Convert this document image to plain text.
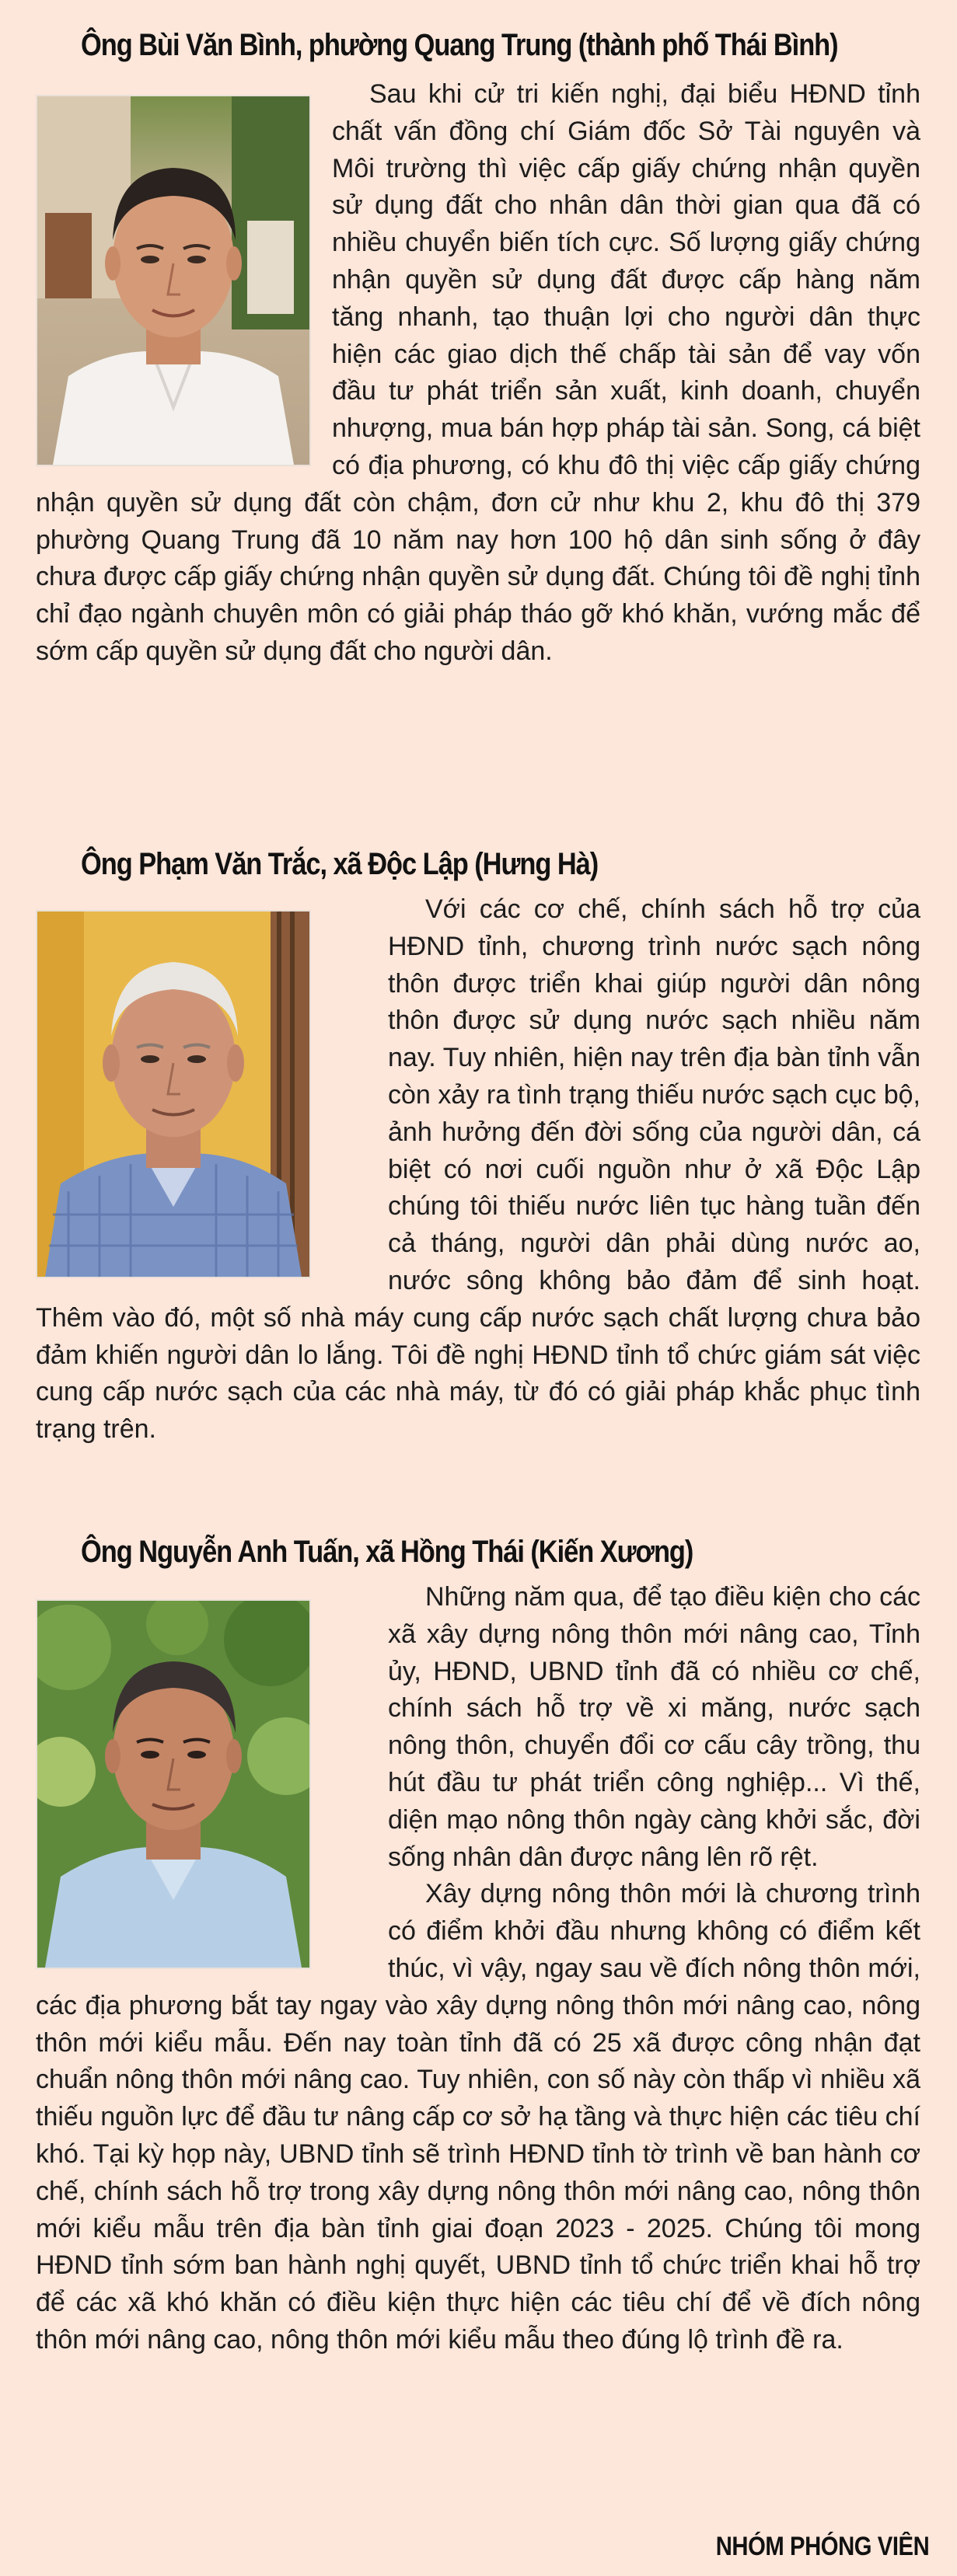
Ông Bùi Văn Bình, phường Quang Trung (thành phố Thái Bình)

Sau khi cử tri kiến nghị, đại biểu HĐND tỉnh chất vấn đồng chí Giám đốc Sở Tài nguyên và Môi trường thì việc cấp giấy chứng nhận quyền sử dụng đất cho nhân dân thời gian qua đã có nhiều chuyển biến tích cực. Số lượng giấy chứng nhận quyền sử dụng đất được cấp hàng năm tăng nhanh, tạo thuận lợi cho người dân thực hiện các giao dịch thế chấp tài sản để vay vốn đầu tư phát triển sản xuất, kinh doanh, chuyển nhượng, mua bán hợp pháp tài sản. Song, cá biệt có địa phương, có khu đô thị việc cấp giấy chứng nhận quyền sử dụng đất còn chậm, đơn cử như khu 2, khu đô thị 379 phường Quang Trung đã 10 năm nay hơn 100 hộ dân sinh sống ở đây chưa được cấp giấy chứng nhận quyền sử dụng đất. Chúng tôi đề nghị tỉnh chỉ đạo ngành chuyên môn có giải pháp tháo gỡ khó khăn, vướng mắc để sớm cấp quyền sử dụng đất cho người dân.

Ông Phạm Văn Trắc, xã Độc Lập (Hưng Hà)

Với các cơ chế, chính sách hỗ trợ của HĐND tỉnh, chương trình nước sạch nông thôn được triển khai giúp người dân nông thôn được sử dụng nước sạch nhiều năm nay. Tuy nhiên, hiện nay trên địa bàn tỉnh vẫn còn xảy ra tình trạng thiếu nước sạch cục bộ, ảnh hưởng đến đời sống của người dân, cá biệt có nơi cuối nguồn như ở xã Độc Lập chúng tôi thiếu nước liên tục hàng tuần đến cả tháng, người dân phải dùng nước ao, nước sông không bảo đảm để sinh hoạt. Thêm vào đó, một số nhà máy cung cấp nước sạch chất lượng chưa bảo đảm khiến người dân lo lắng. Tôi đề nghị HĐND tỉnh tổ chức giám sát việc cung cấp nước sạch của các nhà máy, từ đó có giải pháp khắc phục tình trạng trên.

Ông Nguyễn Anh Tuấn, xã Hồng Thái (Kiến Xương)

Những năm qua, để tạo điều kiện cho các xã xây dựng nông thôn mới nâng cao, Tỉnh ủy, HĐND, UBND tỉnh đã có nhiều cơ chế, chính sách hỗ trợ về xi măng, nước sạch nông thôn, chuyển đổi cơ cấu cây trồng, thu hút đầu tư phát triển công nghiệp... Vì thế, diện mạo nông thôn ngày càng khởi sắc, đời sống nhân dân được nâng lên rõ rệt.

Xây dựng nông thôn mới là chương trình có điểm khởi đầu nhưng không có điểm kết thúc, vì vậy, ngay sau về đích nông thôn mới, các địa phương bắt tay ngay vào xây dựng nông thôn mới nâng cao, nông thôn mới kiểu mẫu. Đến nay toàn tỉnh đã có 25 xã được công nhận đạt chuẩn nông thôn mới nâng cao. Tuy nhiên, con số này còn thấp vì nhiều xã thiếu nguồn lực để đầu tư nâng cấp cơ sở hạ tầng và thực hiện các tiêu chí khó. Tại kỳ họp này, UBND tỉnh sẽ trình HĐND tỉnh tờ trình về ban hành cơ chế, chính sách hỗ trợ trong xây dựng nông thôn mới nâng cao, nông thôn mới kiểu mẫu trên địa bàn tỉnh giai đoạn 2023 - 2025. Chúng tôi mong HĐND tỉnh sớm ban hành nghị quyết, UBND tỉnh tổ chức triển khai hỗ trợ để các xã khó khăn có điều kiện thực hiện các tiêu chí để về đích nông thôn mới nâng cao, nông thôn mới kiểu mẫu theo đúng lộ trình đề ra.

NHÓM PHÓNG VIÊN
